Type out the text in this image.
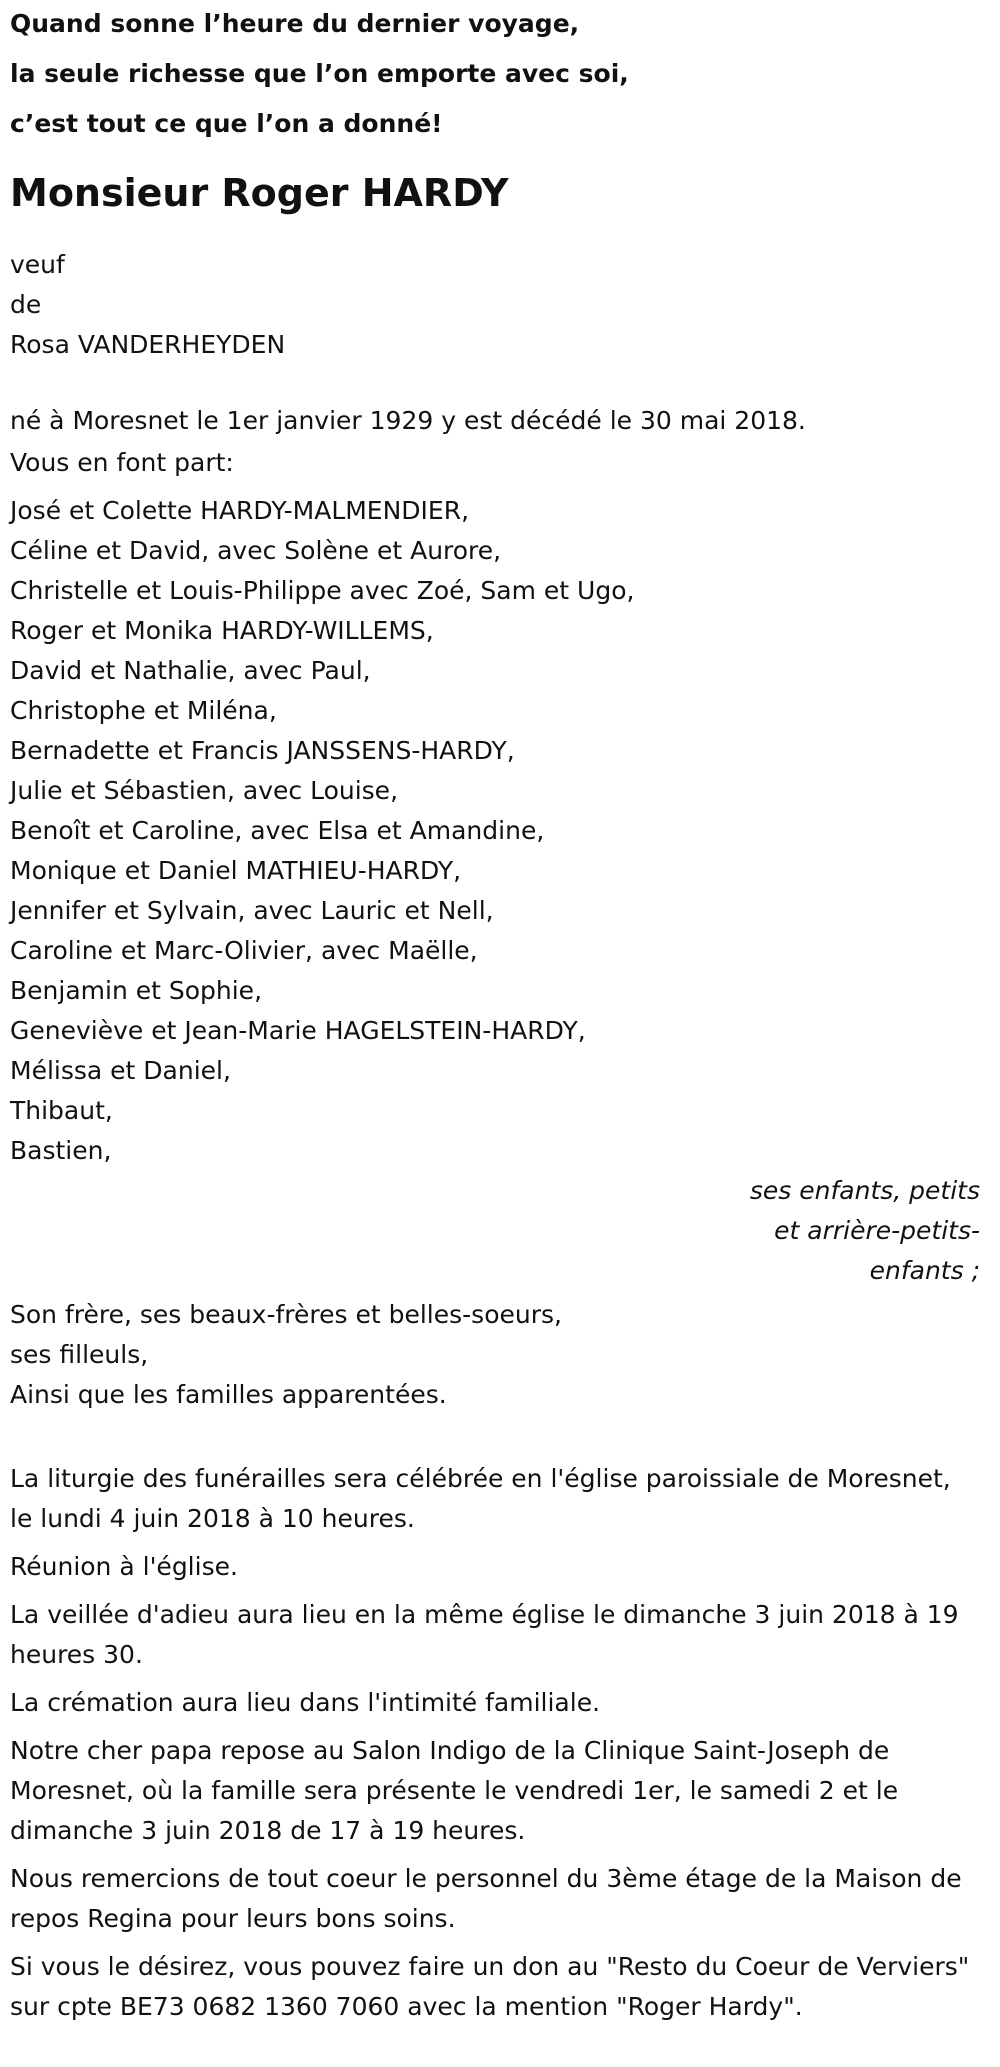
Quand sonne l’heure du dernier voyage,

la seule richesse que l’on emporte avec soi,

c’est tout ce que l’on a donné!

Monsieur Roger HARDY

veuf

de

Rosa VANDERHEYDEN

né à Moresnet le 1er janvier 1929 y est décédé le 30 mai 2018.

Vous en font part:

José et Colette HARDY-MALMENDIER,

Céline et David, avec Solène et Aurore,

Christelle et Louis-Philippe avec Zoé, Sam et Ugo,

Roger et Monika HARDY-WILLEMS,

David et Nathalie, avec Paul,

Christophe et Miléna,

Bernadette et Francis JANSSENS-HARDY,

Julie et Sébastien, avec Louise,

Benoît et Caroline, avec Elsa et Amandine,

Monique et Daniel MATHIEU-HARDY,

Jennifer et Sylvain, avec Lauric et Nell,

Caroline et Marc-Olivier, avec Maëlle,

Benjamin et Sophie,

Geneviève et Jean-Marie HAGELSTEIN-HARDY,

Mélissa et Daniel,

Thibaut,

Bastien,

ses enfants, petits
et arrière-petits-
enfants ;

Son frère, ses beaux-frères et belles-soeurs,

ses filleuls,

Ainsi que les familles apparentées.

La liturgie des funérailles sera célébrée en l'église paroissiale de Moresnet, le lundi 4 juin 2018 à 10 heures.

Réunion à l'église.

La veillée d'adieu aura lieu en la même église le dimanche 3 juin 2018 à 19 heures 30.

La crémation aura lieu dans l'intimité familiale.

Notre cher papa repose au Salon Indigo de la Clinique Saint-Joseph de Moresnet, où la famille sera présente le vendredi 1er, le samedi 2 et le dimanche 3 juin 2018 de 17 à 19 heures.

Nous remercions de tout coeur le personnel du 3ème étage de la Maison de repos Regina pour leurs bons soins.

Si vous le désirez, vous pouvez faire un don au "Resto du Coeur de Verviers" sur cpte BE73 0682 1360 7060 avec la mention "Roger Hardy".
